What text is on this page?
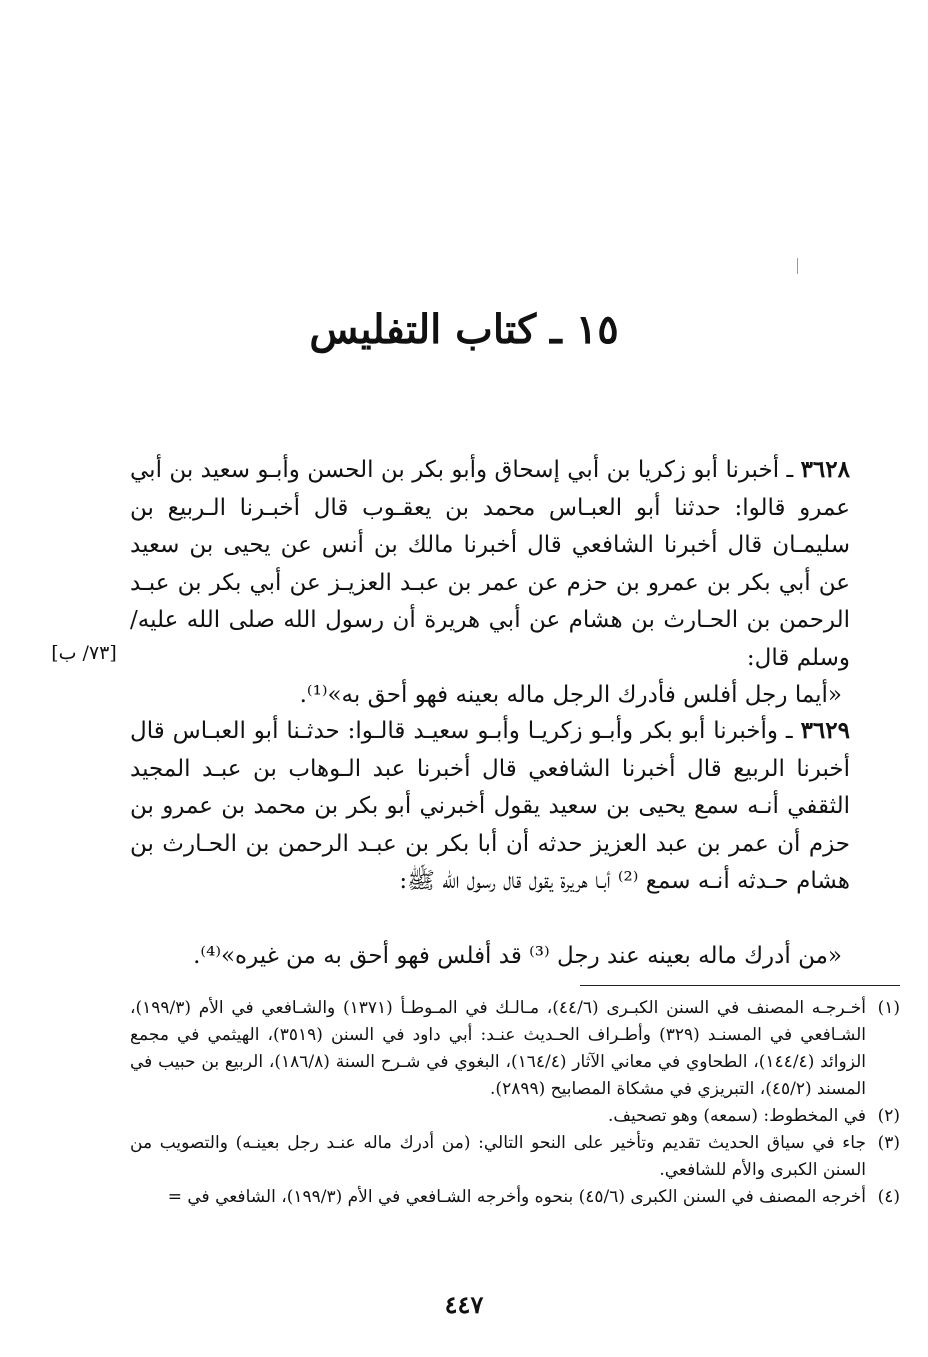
١٥ ـ كتاب التفليس
٣٦٢٨ ـ أخبرنا أبو زكريا بن أبي إسحاق وأبو بكر بن الحسن وأبـو سعيد بن أبي عمرو قالوا: حدثنا أبو العبـاس محمد بن يعقـوب قال أخبـرنا الـربيع بن سليمـان قال أخبرنا الشافعي قال أخبرنا مالك بن أنس عن يحيى بن سعيد عن أبي بكر بن عمرو بن حزم عن عمر بن عبـد العزيـز عن أبي بكر بن عبـد الرحمن بن الحـارث بن هشام عن أبي هريرة أن رسول الله صلى الله عليه/ وسلم قال:
«أيما رجل أفلس فأدرك الرجل ماله بعينه فهو أحق به»⁽¹⁾.
[٧٣/ ب]
٣٦٢٩ ـ وأخبرنا أبو بكر وأبـو زكريـا وأبـو سعيـد قالـوا: حدثـنا أبو العبـاس قال أخبرنا الربيع قال أخبرنا الشافعي قال أخبرنا عبد الـوهاب بن عبـد المجيد الثقفي أنـه سمع يحيى بن سعيد يقول أخبرني أبو بكر بن محمد بن عمرو بن حزم أن عمر بن عبد العزيز حدثه أن أبا بكر بن عبـد الرحمن بن الحـارث بن هشام حـدثه أنـه سمع ⁽²⁾ أبـا هريرة يقول قال رسول الله ﷺ:
«من أدرك ماله بعينه عند رجل ⁽³⁾ قد أفلس فهو أحق به من غيره»⁽⁴⁾.
(١)
أخـرجـه المصنف في السنن الكبـرى (٤٤/٦)، مـالـك في المـوطـأ (١٣٧١) والشـافعي في الأم (١٩٩/٣)، الشـافعي في المسنـد (٣٢٩) وأطـراف الحـديث عنـد: أبي داود في السنن (٣٥١٩)، الهيثمي في مجمع الزوائد (١٤٤/٤)، الطحاوي في معاني الآثار (١٦٤/٤)، البغوي في شـرح السنة (١٨٦/٨)، الربيع بن حبيب في المسند (٤٥/٢)، التبريزي في مشكاة المصابيح (٢٨٩٩).
(٢)
في المخطوط: (سمعه) وهو تصحيف.
(٣)
جاء في سياق الحديث تقديم وتأخير على النحو التالي: (من أدرك ماله عنـد رجل بعينـه) والتصويب من السنن الكبرى والأم للشافعي.
(٤)
أخرجه المصنف في السنن الكبرى (٤٥/٦) بنحوه وأخرجه الشـافعي في الأم (١٩٩/٣)، الشافعي في =
٤٤٧
